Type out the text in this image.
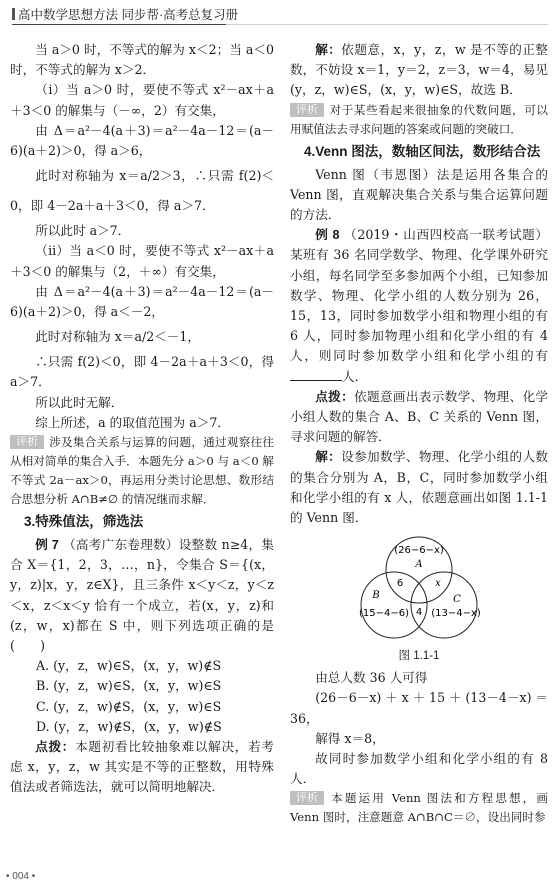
高中数学思想方法 同步帮·高考总复习册

当 a＞0 时，不等式的解为 x＜2；当 a＜0 时，不等式的解为 x＞2．

（ⅰ）当 a＞0 时，要使不等式 x²－ax＋a＋3＜0 的解集与（－∞，2）有交集，

由 Δ＝a²－4(a＋3)＝a²－4a－12＝(a－6)(a＋2)＞0，得 a＞6，

此时对称轴为 x＝a/2＞3，∴只需 f(2)＜0，即 4－2a＋a＋3＜0，得 a＞7．

所以此时 a＞7．

（ⅱ）当 a＜0 时，要使不等式 x²－ax＋a＋3＜0 的解集与（2，＋∞）有交集，

由 Δ＝a²－4(a＋3)＝a²－4a－12＝(a－6)(a＋2)＞0，得 a＜－2，

此时对称轴为 x＝a/2＜－1，

∴只需 f(2)＜0，即 4－2a＋a＋3＜0，得 a＞7．

所以此时无解．

综上所述，a 的取值范围为 a＞7．

评析 涉及集合关系与运算的问题，通过观察往往从相对简单的集合入手．本题先分 a＞0 与 a＜0 解不等式 2a－ax＞0，再运用分类讨论思想、数形结合思想分析 A∩B≠∅ 的情况继而求解．

3.特殊值法，筛选法

例 7 （高考广东卷理数）设整数 n≥4，集合 X＝{1，2，3，…，n}，令集合 S＝{(x，y，z)|x，y，z∈X}，且三条件 x＜y＜z，y＜z＜x，z＜x＜y 恰有一个成立，若(x，y，z)和(z，w，x)都在 S 中，则下列选项正确的是(　　)

A. (y，z，w)∈S，(x，y，w)∉S

B. (y，z，w)∈S，(x，y，w)∈S

C. (y，z，w)∉S，(x，y，w)∈S

D. (y，z，w)∉S，(x，y，w)∉S

点拨：本题初看比较抽象难以解决，若考虑 x，y，z，w 其实是不等的正整数，用特殊值法或者筛选法，就可以简明地解决．

解：依题意，x，y，z，w 是不等的正整数，不妨设 x＝1，y＝2，z＝3，w＝4，易见(y，z，w)∈S，(x，y，w)∈S，故选 B．

评析 对于某些看起来很抽象的代数问题，可以用赋值法去寻求问题的答案或问题的突破口．

4.Venn 图法，数轴区间法，数形结合法

Venn 图（韦恩图）法是运用各集合的 Venn 图，直观解决集合关系与集合运算问题的方法．

例 8 （2019・山西四校高一联考试题）某班有 36 名同学数学、物理、化学课外研究小组，每名同学至多参加两个小组，已知参加数学、物理、化学小组的人数分别为 26，15，13，同时参加数学小组和物理小组的有 6 人，同时参加物理小组和化学小组的有 4 人，则同时参加数学小组和化学小组的有人．

点拨：依题意画出表示数学、物理、化学小组人数的集合 A、B、C 关系的 Venn 图，寻求问题的解答．

解：设参加数学、物理、化学小组的人数的集合分别为 A，B，C，同时参加数学小组和化学小组的有 x 人，依题意画出如图 1.1-1 的 Venn 图．

(26−6−x)
A
B
(15−4−6)
C
(13−4−x)
6
4
x

图 1.1-1

由总人数 36 人可得

(26－6－x)＋x＋15＋(13－4－x)＝36，

解得 x＝8，

故同时参加数学小组和化学小组的有 8 人．

评析 本题运用 Venn 图法和方程思想，画 Venn 图时，注意题意 A∩B∩C＝∅，设出同时参

• 004 •
